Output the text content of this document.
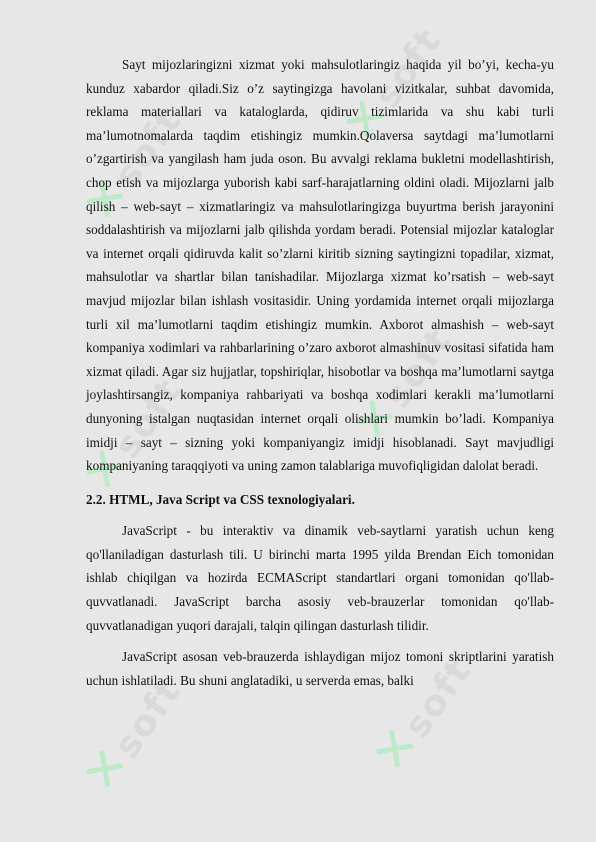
✕soft	✕soft
✕soft	✕soft
✕soft	✕soft

Sayt mijozlaringizni xizmat yoki mahsulotlaringiz haqida yil bo’yi, kecha-yu kunduz xabardor qiladi.Siz o’z saytingizga havolani vizitkalar, suhbat davomida, reklama materiallari va kataloglarda, qidiruv tizimlarida va shu kabi turli ma’lumotnomalarda taqdim etishingiz mumkin.Qolaversa saytdagi ma’lumotlarni o’zgartirish va yangilash ham juda oson. Bu avvalgi reklama bukletni modellashtirish, chop etish va mijozlarga yuborish kabi sarf-harajatlarning oldini oladi. Mijozlarni jalb qilish – web-sayt – xizmatlaringiz va mahsulotlaringizga buyurtma berish jarayonini soddalashtirish va mijozlarni jalb qilishda yordam beradi. Potensial mijozlar kataloglar va internet orqali qidiruvda kalit so’zlarni kiritib sizning saytingizni topadilar, xizmat, mahsulotlar va shartlar bilan tanishadilar. Mijozlarga xizmat ko’rsatish – web-sayt mavjud mijozlar bilan ishlash vositasidir. Uning yordamida internet orqali mijozlarga turli xil ma’lumotlarni taqdim etishingiz mumkin. Axborot almashish – web-sayt kompaniya xodimlari va rahbarlarining o’zaro axborot almashinuv vositasi sifatida ham xizmat qiladi. Agar siz hujjatlar, topshiriqlar, hisobotlar va boshqa ma’lumotlarni saytga joylashtirsangiz, kompaniya rahbariyati va boshqa xodimlari kerakli ma’lumotlarni dunyoning istalgan nuqtasidan internet orqali olishlari mumkin bo’ladi. Kompaniya imidji – sayt – sizning yoki kompaniyangiz imidji hisoblanadi. Sayt mavjudligi kompaniyaning taraqqiyoti va uning zamon talablariga muvofiqligidan dalolat beradi.

2.2. HTML, Java Script va CSS texnologiyalari.

JavaScript - bu interaktiv va dinamik veb-saytlarni yaratish uchun keng qo'llaniladigan dasturlash tili. U birinchi marta 1995 yilda Brendan Eich tomonidan ishlab chiqilgan va hozirda ECMAScript standartlari organi tomonidan qo'llab-quvvatlanadi. JavaScript barcha asosiy veb-brauzerlar tomonidan qo'llab-quvvatlanadigan yuqori darajali, talqin qilingan dasturlash tilidir.

JavaScript asosan veb-brauzerda ishlaydigan mijoz tomoni skriptlarini yaratish uchun ishlatiladi. Bu shuni anglatadiki, u serverda emas, balki
